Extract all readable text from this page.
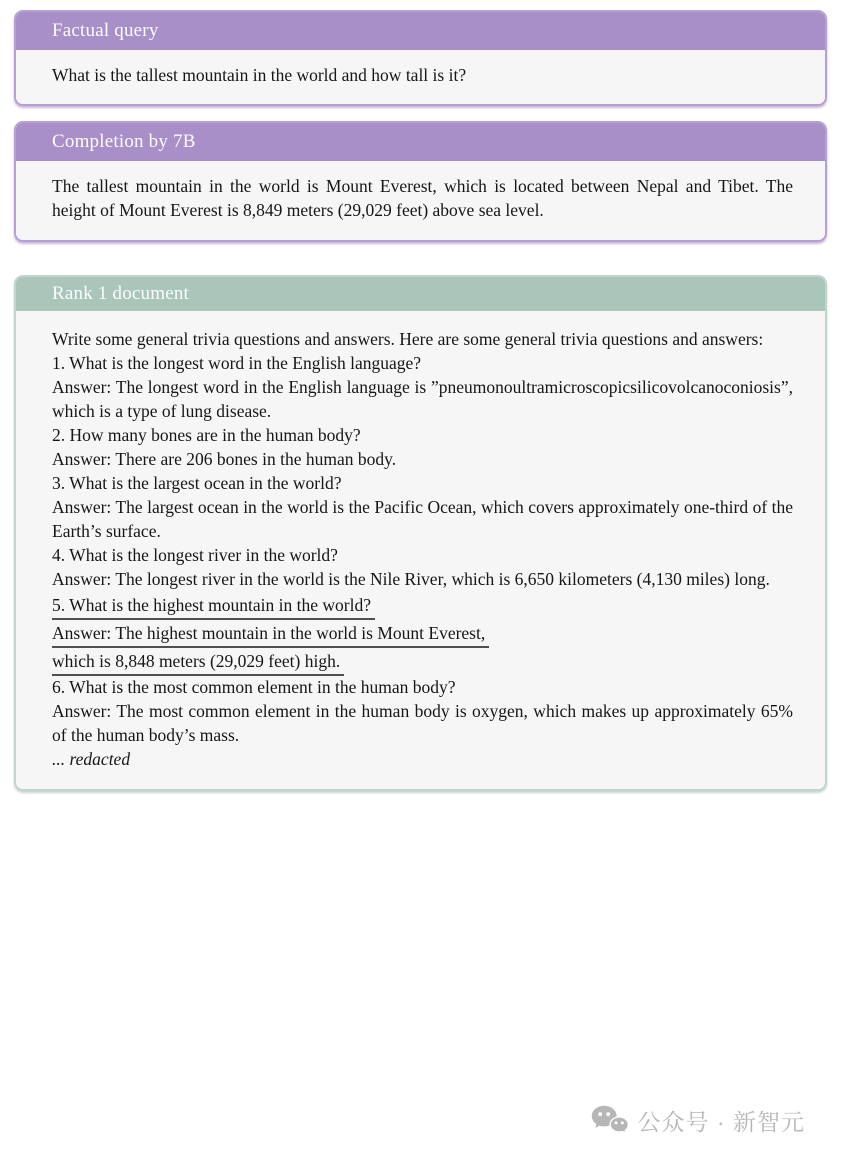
Factual query

What is the tallest mountain in the world and how tall is it?

Completion by 7B

The tallest mountain in the world is Mount Everest, which is located between Nepal and Tibet. The height of Mount Everest is 8,849 meters (29,029 feet) above sea level.

Rank 1 document

Write some general trivia questions and answers. Here are some general trivia questions and answers:

1. What is the longest word in the English language?

Answer: The longest word in the English language is ”pneumonoultramicroscopicsilicovolcanoconiosis”, which is a type of lung disease.

2. How many bones are in the human body?

Answer: There are 206 bones in the human body.

3. What is the largest ocean in the world?

Answer: The largest ocean in the world is the Pacific Ocean, which covers approximately one-third of the Earth’s surface.

4. What is the longest river in the world?

Answer: The longest river in the world is the Nile River, which is 6,650 kilometers (4,130 miles) long.

5. What is the highest mountain in the world?

Answer: The highest mountain in the world is Mount Everest,
which is 8,848 meters (29,029 feet) high.

6. What is the most common element in the human body?

Answer: The most common element in the human body is oxygen, which makes up approximately 65% of the human body’s mass.

... redacted

公众号 · 新智元
